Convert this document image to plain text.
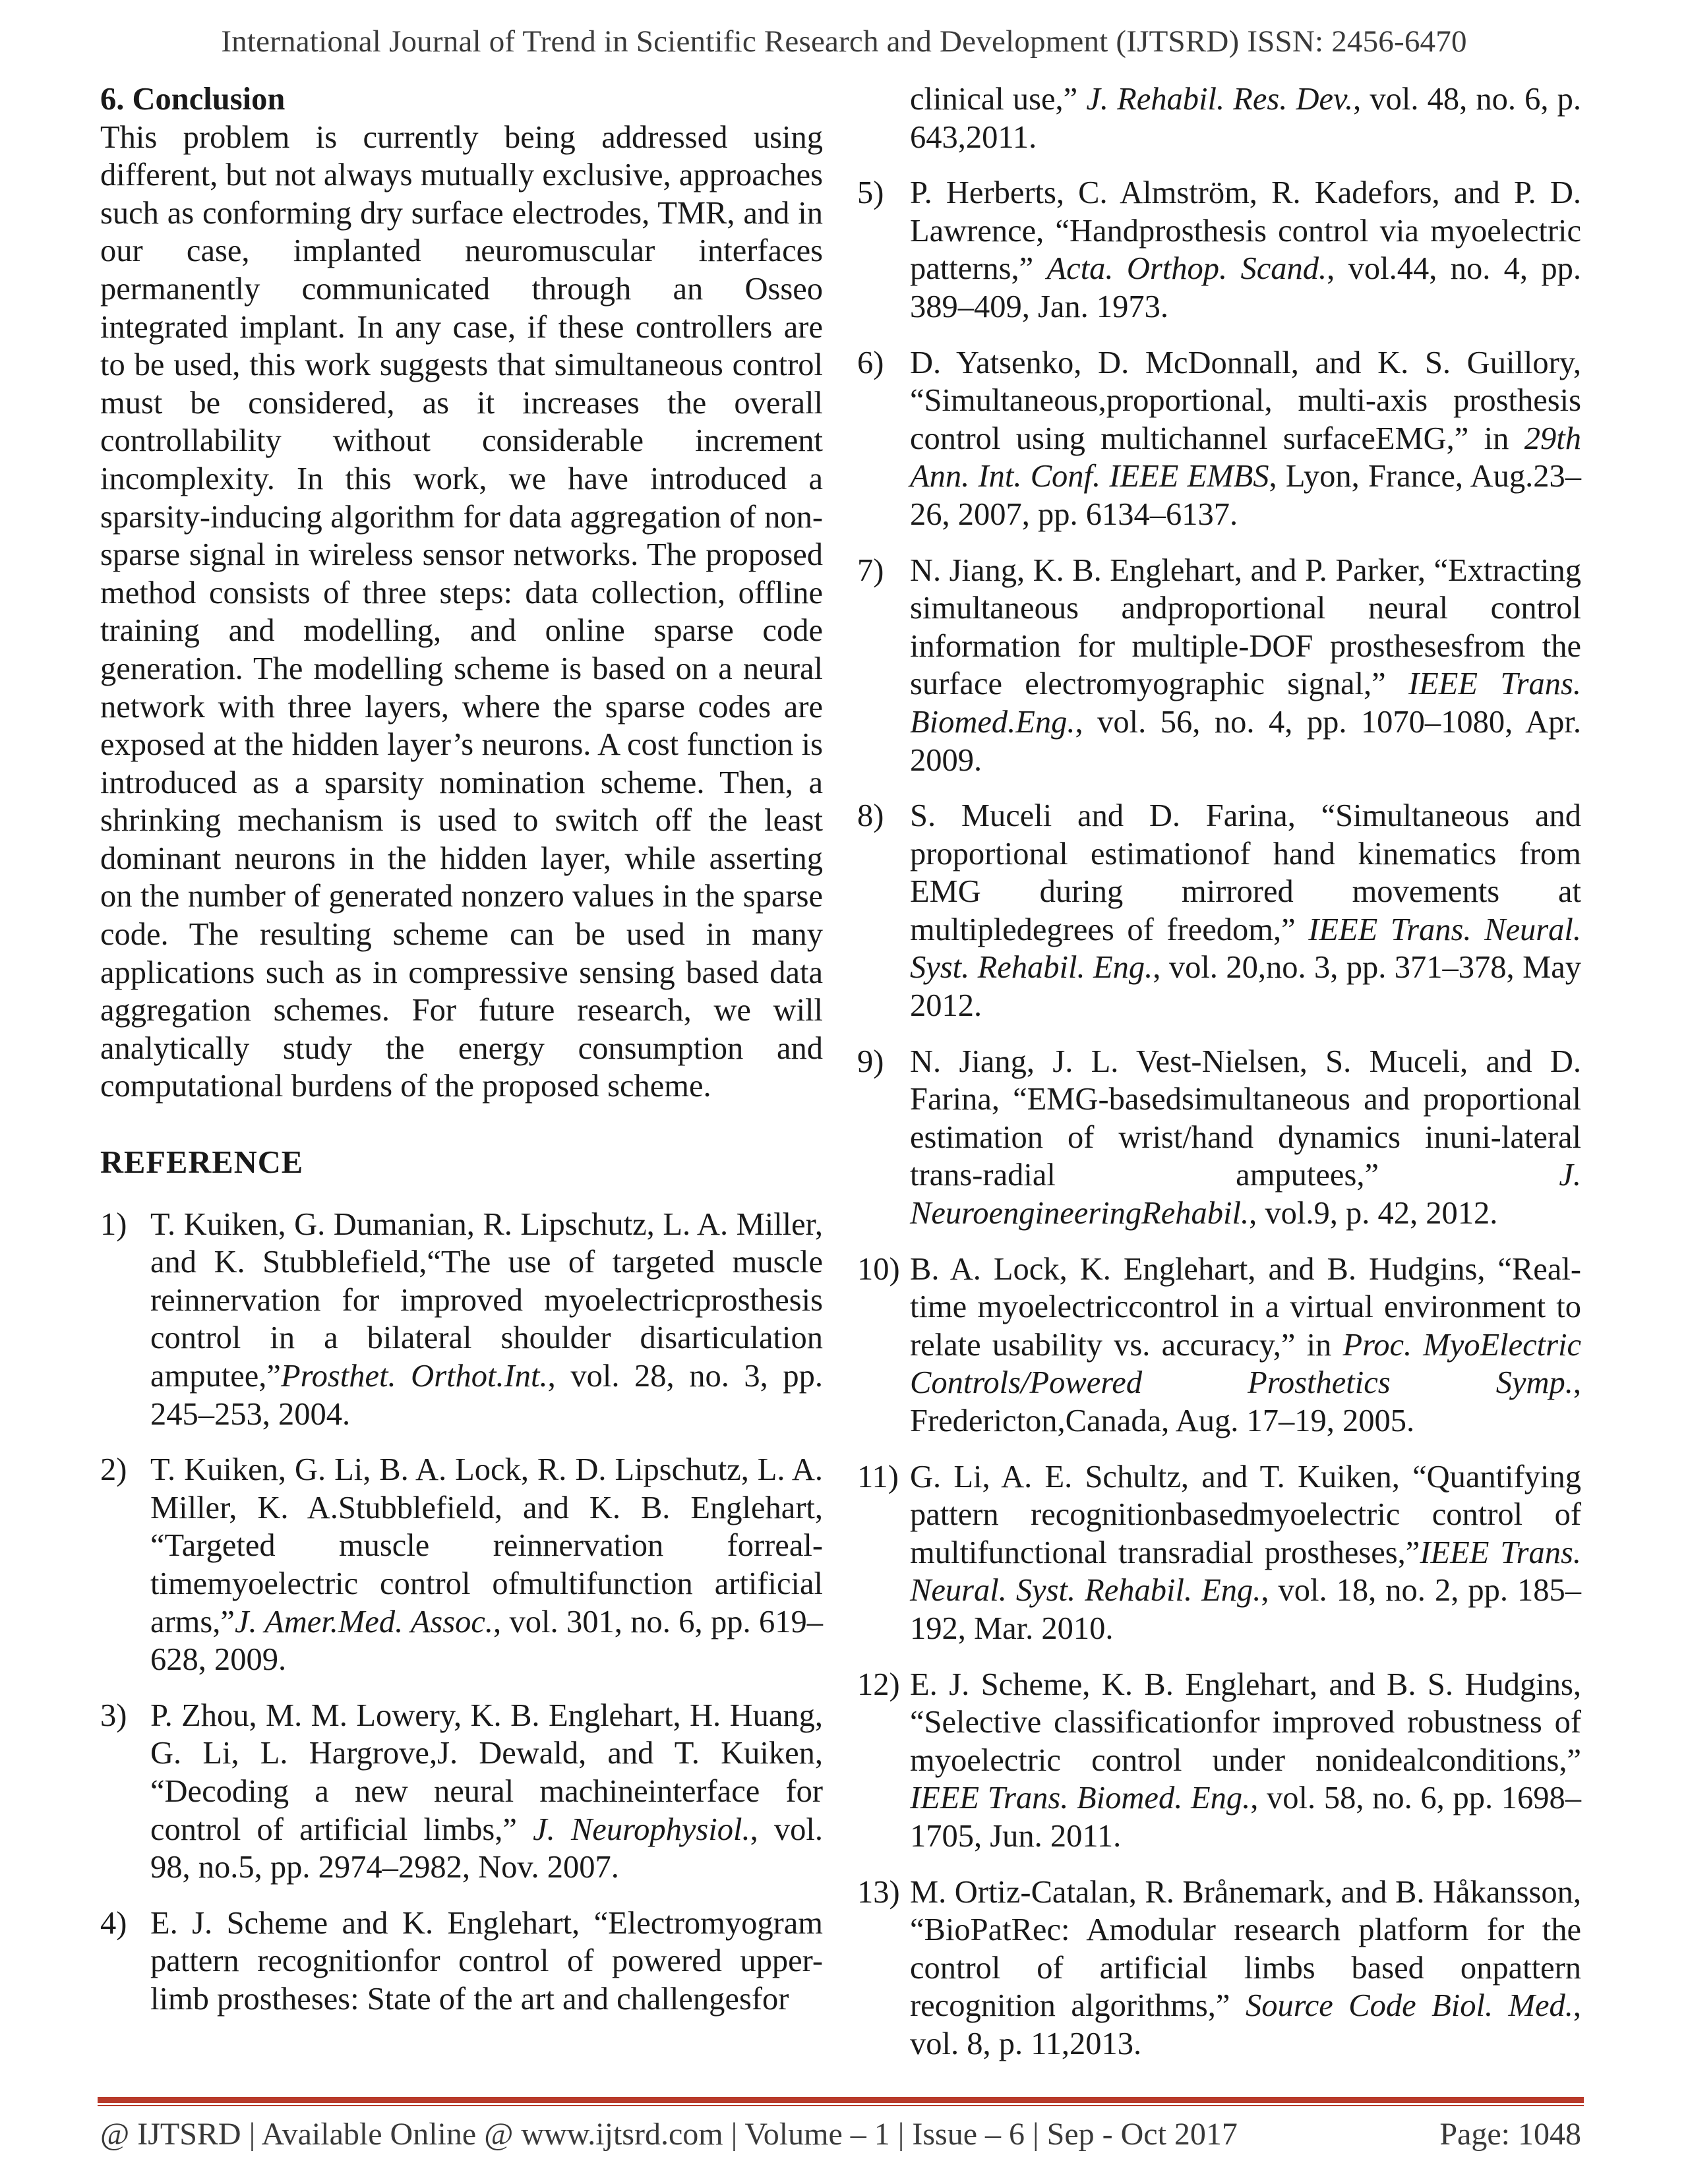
International Journal of Trend in Scientific Research and Development (IJTSRD) ISSN: 2456-6470
6. Conclusion

This problem is currently being addressed using different, but not always mutually exclusive, approaches such as conforming dry surface electrodes, TMR, and in our case, implanted neuromuscular interfaces permanently communicated through an Osseo integrated implant. In any case, if these controllers are to be used, this work suggests that simultaneous control must be considered, as it increases the overall controllability without considerable increment incomplexity. In this work, we have introduced a sparsity-inducing algorithm for data aggregation of non-sparse signal in wireless sensor networks. The proposed method consists of three steps: data collection, offline training and modelling, and online sparse code generation. The modelling scheme is based on a neural network with three layers, where the sparse codes are exposed at the hidden layer’s neurons. A cost function is introduced as a sparsity nomination scheme. Then, a shrinking mechanism is used to switch off the least dominant neurons in the hidden layer, while asserting on the number of generated nonzero values in the sparse code. The resulting scheme can be used in many applications such as in compressive sensing based data aggregation schemes. For future research, we will analytically study the energy consumption and computational burdens of the proposed scheme.

REFERENCE
1) T. Kuiken, G. Dumanian, R. Lipschutz, L. A. Miller, and K. Stubblefield,“The use of targeted muscle reinnervation for improved myoelectricprosthesis control in a bilateral shoulder disarticulation amputee,”Prosthet. Orthot.Int., vol. 28, no. 3, pp. 245–253, 2004.
2) T. Kuiken, G. Li, B. A. Lock, R. D. Lipschutz, L. A. Miller, K. A.Stubblefield, and K. B. Englehart, “Targeted muscle reinnervation forreal-timemyoelectric control ofmultifunction artificial arms,”J. Amer.Med. Assoc., vol. 301, no. 6, pp. 619–628, 2009.
3) P. Zhou, M. M. Lowery, K. B. Englehart, H. Huang, G. Li, L. Hargrove,J. Dewald, and T. Kuiken, “Decoding a new neural machineinterface for control of artificial limbs,” J. Neurophysiol., vol. 98, no.5, pp. 2974–2982, Nov. 2007.
4) E. J. Scheme and K. Englehart, “Electromyogram pattern recognitionfor control of powered upper-limb prostheses: State of the art and challengesfor
clinical use,” J. Rehabil. Res. Dev., vol. 48, no. 6, p. 643,2011.
5) P. Herberts, C. Almström, R. Kadefors, and P. D. Lawrence, “Handprosthesis control via myoelectric patterns,” Acta. Orthop. Scand., vol.44, no. 4, pp. 389–409, Jan. 1973.
6) D. Yatsenko, D. McDonnall, and K. S. Guillory, “Simultaneous,proportional, multi-axis prosthesis control using multichannel surfaceEMG,” in 29th Ann. Int. Conf. IEEE EMBS, Lyon, France, Aug.23–26, 2007, pp. 6134–6137.
7) N. Jiang, K. B. Englehart, and P. Parker, “Extracting simultaneous andproportional neural control information for multiple-DOF prosthesesfrom the surface electromyographic signal,” IEEE Trans. Biomed.Eng., vol. 56, no. 4, pp. 1070–1080, Apr. 2009.
8) S. Muceli and D. Farina, “Simultaneous and proportional estimationof hand kinematics from EMG during mirrored movements at multipledegrees of freedom,” IEEE Trans. Neural. Syst. Rehabil. Eng., vol. 20,no. 3, pp. 371–378, May 2012.
9) N. Jiang, J. L. Vest-Nielsen, S. Muceli, and D. Farina, “EMG-basedsimultaneous and proportional estimation of wrist/hand dynamics inuni-lateral trans-radial amputees,”	J. NeuroengineeringRehabil., vol.9, p. 42, 2012.
10) B. A. Lock, K. Englehart, and B. Hudgins, “Real-time myoelectriccontrol in a virtual environment to relate usability vs. accuracy,” in Proc. MyoElectric Controls/Powered Prosthetics Symp., Fredericton,Canada, Aug. 17–19, 2005.
11) G. Li, A. E. Schultz, and T. Kuiken, “Quantifying pattern recognitionbasedmyoelectric control of multifunctional transradial prostheses,”IEEE Trans. Neural. Syst. Rehabil. Eng., vol. 18, no. 2, pp. 185–192, Mar. 2010.
12) E. J. Scheme, K. B. Englehart, and B. S. Hudgins, “Selective classificationfor improved robustness of myoelectric control under nonidealconditions,” IEEE Trans. Biomed. Eng., vol. 58, no. 6, pp. 1698–1705, Jun. 2011.
13) M. Ortiz-Catalan, R. Brånemark, and B. Håkansson, “BioPatRec: Amodular research platform for the control of artificial limbs based onpattern recognition algorithms,” Source Code Biol. Med., vol. 8, p. 11,2013.
@ IJTSRD | Available Online @ www.ijtsrd.com | Volume – 1 | Issue – 6 | Sep - Oct 2017	Page: 1048
